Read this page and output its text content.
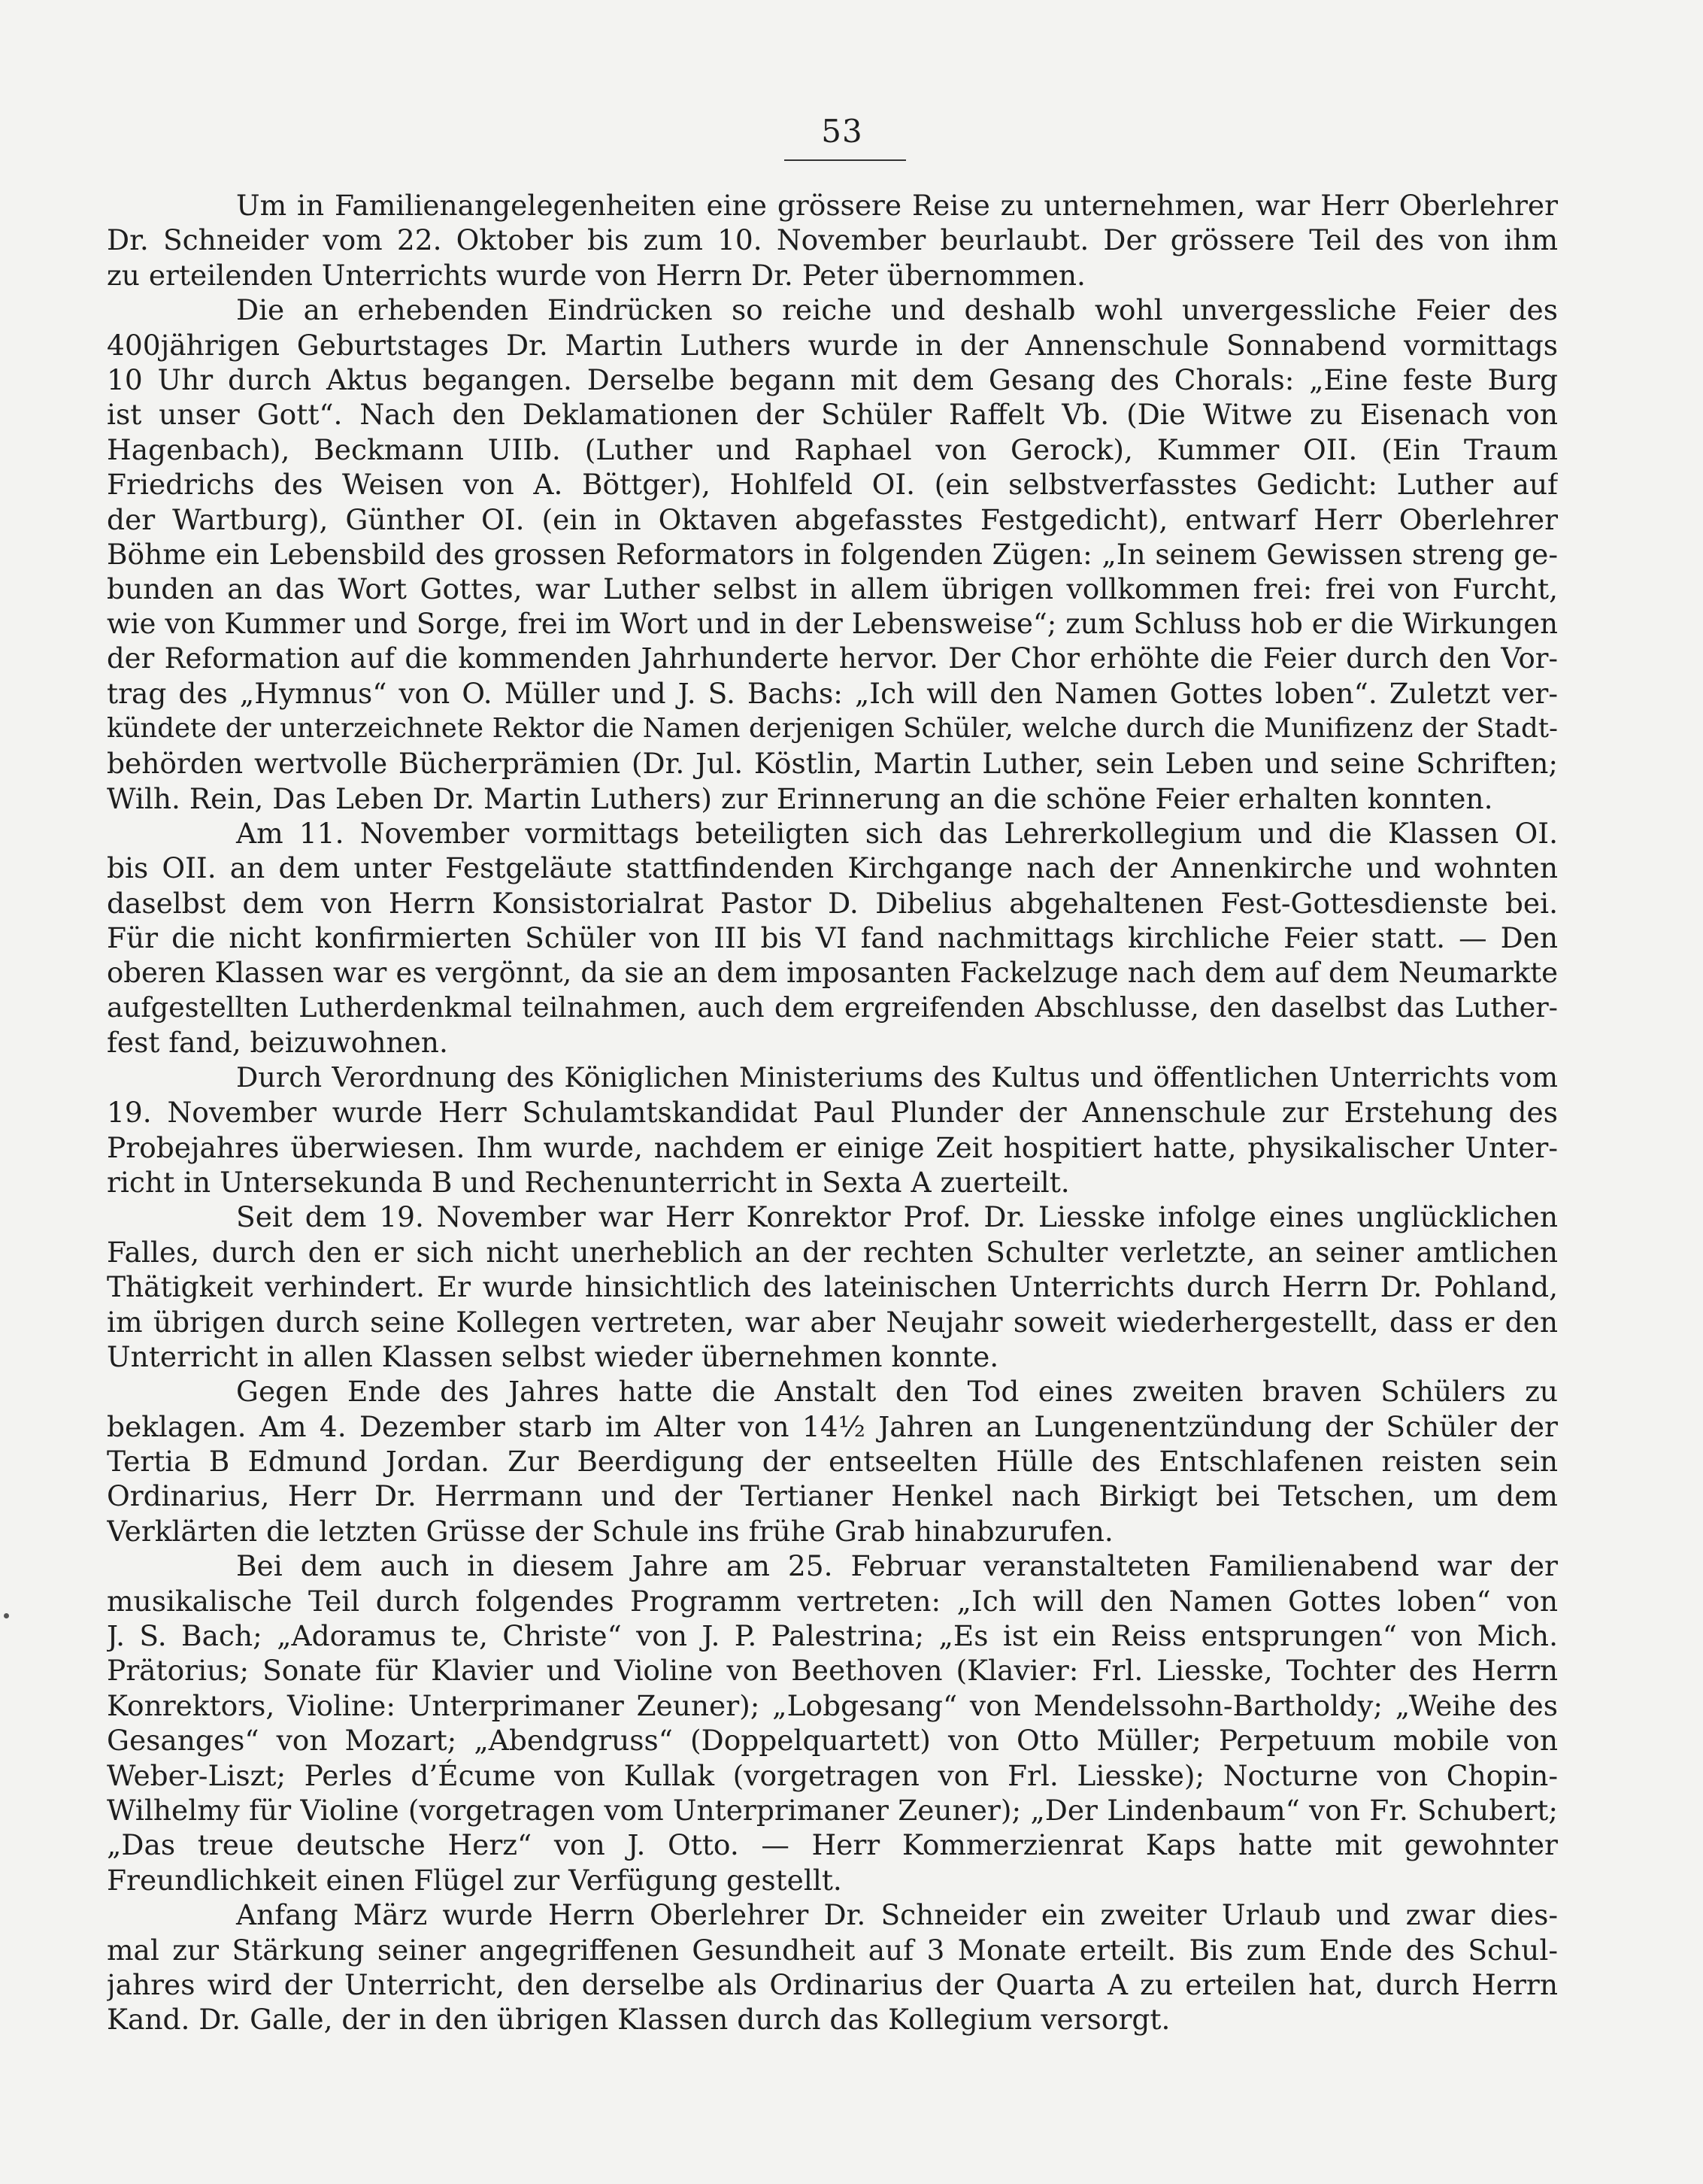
53
Um in Familienangelegenheiten eine grössere Reise zu unternehmen, war Herr Oberlehrer
Dr. Schneider vom 22. Oktober bis zum 10. November beurlaubt. Der grössere Teil des von ihm
zu erteilenden Unterrichts wurde von Herrn Dr. Peter übernommen.
Die an erhebenden Eindrücken so reiche und deshalb wohl unvergessliche Feier des
400jährigen Geburtstages Dr. Martin Luthers wurde in der Annenschule Sonnabend vormittags
10 Uhr durch Aktus begangen. Derselbe begann mit dem Gesang des Chorals: „Eine feste Burg
ist unser Gott“. Nach den Deklamationen der Schüler Raffelt Vb. (Die Witwe zu Eisenach von
Hagenbach), Beckmann UIIb. (Luther und Raphael von Gerock), Kummer OII. (Ein Traum
Friedrichs des Weisen von A. Böttger), Hohlfeld OI. (ein selbstverfasstes Gedicht: Luther auf
der Wartburg), Günther OI. (ein in Oktaven abgefasstes Festgedicht), entwarf Herr Oberlehrer
Böhme ein Lebensbild des grossen Reformators in folgenden Zügen: „In seinem Gewissen streng ge-
bunden an das Wort Gottes, war Luther selbst in allem übrigen vollkommen frei: frei von Furcht,
wie von Kummer und Sorge, frei im Wort und in der Lebensweise“; zum Schluss hob er die Wirkungen
der Reformation auf die kommenden Jahrhunderte hervor. Der Chor erhöhte die Feier durch den Vor-
trag des „Hymnus“ von O. Müller und J. S. Bachs: „Ich will den Namen Gottes loben“. Zuletzt ver-
kündete der unterzeichnete Rektor die Namen derjenigen Schüler, welche durch die Munifizenz der Stadt-
behörden wertvolle Bücherprämien (Dr. Jul. Köstlin, Martin Luther, sein Leben und seine Schriften;
Wilh. Rein, Das Leben Dr. Martin Luthers) zur Erinnerung an die schöne Feier erhalten konnten.
Am 11. November vormittags beteiligten sich das Lehrerkollegium und die Klassen OI.
bis OII. an dem unter Festgeläute stattfindenden Kirchgange nach der Annenkirche und wohnten
daselbst dem von Herrn Konsistorialrat Pastor D. Dibelius abgehaltenen Fest-Gottesdienste bei.
Für die nicht konfirmierten Schüler von III bis VI fand nachmittags kirchliche Feier statt. — Den
oberen Klassen war es vergönnt, da sie an dem imposanten Fackelzuge nach dem auf dem Neumarkte
aufgestellten Lutherdenkmal teilnahmen, auch dem ergreifenden Abschlusse, den daselbst das Luther-
fest fand, beizuwohnen.
Durch Verordnung des Königlichen Ministeriums des Kultus und öffentlichen Unterrichts vom
19. November wurde Herr Schulamtskandidat Paul Plunder der Annenschule zur Erstehung des
Probejahres überwiesen. Ihm wurde, nachdem er einige Zeit hospitiert hatte, physikalischer Unter-
richt in Untersekunda B und Rechenunterricht in Sexta A zuerteilt.
Seit dem 19. November war Herr Konrektor Prof. Dr. Liesske infolge eines unglücklichen
Falles, durch den er sich nicht unerheblich an der rechten Schulter verletzte, an seiner amtlichen
Thätigkeit verhindert. Er wurde hinsichtlich des lateinischen Unterrichts durch Herrn Dr. Pohland,
im übrigen durch seine Kollegen vertreten, war aber Neujahr soweit wiederhergestellt, dass er den
Unterricht in allen Klassen selbst wieder übernehmen konnte.
Gegen Ende des Jahres hatte die Anstalt den Tod eines zweiten braven Schülers zu
beklagen. Am 4. Dezember starb im Alter von 14½ Jahren an Lungenentzündung der Schüler der
Tertia B Edmund Jordan. Zur Beerdigung der entseelten Hülle des Entschlafenen reisten sein
Ordinarius, Herr Dr. Herrmann und der Tertianer Henkel nach Birkigt bei Tetschen, um dem
Verklärten die letzten Grüsse der Schule ins frühe Grab hinabzurufen.
Bei dem auch in diesem Jahre am 25. Februar veranstalteten Familienabend war der
musikalische Teil durch folgendes Programm vertreten: „Ich will den Namen Gottes loben“ von
J. S. Bach; „Adoramus te, Christe“ von J. P. Palestrina; „Es ist ein Reiss entsprungen“ von Mich.
Prätorius; Sonate für Klavier und Violine von Beethoven (Klavier: Frl. Liesske, Tochter des Herrn
Konrektors, Violine: Unterprimaner Zeuner); „Lobgesang“ von Mendelssohn-Bartholdy; „Weihe des
Gesanges“ von Mozart; „Abendgruss“ (Doppelquartett) von Otto Müller; Perpetuum mobile von
Weber-Liszt; Perles d’Écume von Kullak (vorgetragen von Frl. Liesske); Nocturne von Chopin-
Wilhelmy für Violine (vorgetragen vom Unterprimaner Zeuner); „Der Lindenbaum“ von Fr. Schubert;
„Das treue deutsche Herz“ von J. Otto. — Herr Kommerzienrat Kaps hatte mit gewohnter
Freundlichkeit einen Flügel zur Verfügung gestellt.
Anfang März wurde Herrn Oberlehrer Dr. Schneider ein zweiter Urlaub und zwar dies-
mal zur Stärkung seiner angegriffenen Gesundheit auf 3 Monate erteilt. Bis zum Ende des Schul-
jahres wird der Unterricht, den derselbe als Ordinarius der Quarta A zu erteilen hat, durch Herrn
Kand. Dr. Galle, der in den übrigen Klassen durch das Kollegium versorgt.
